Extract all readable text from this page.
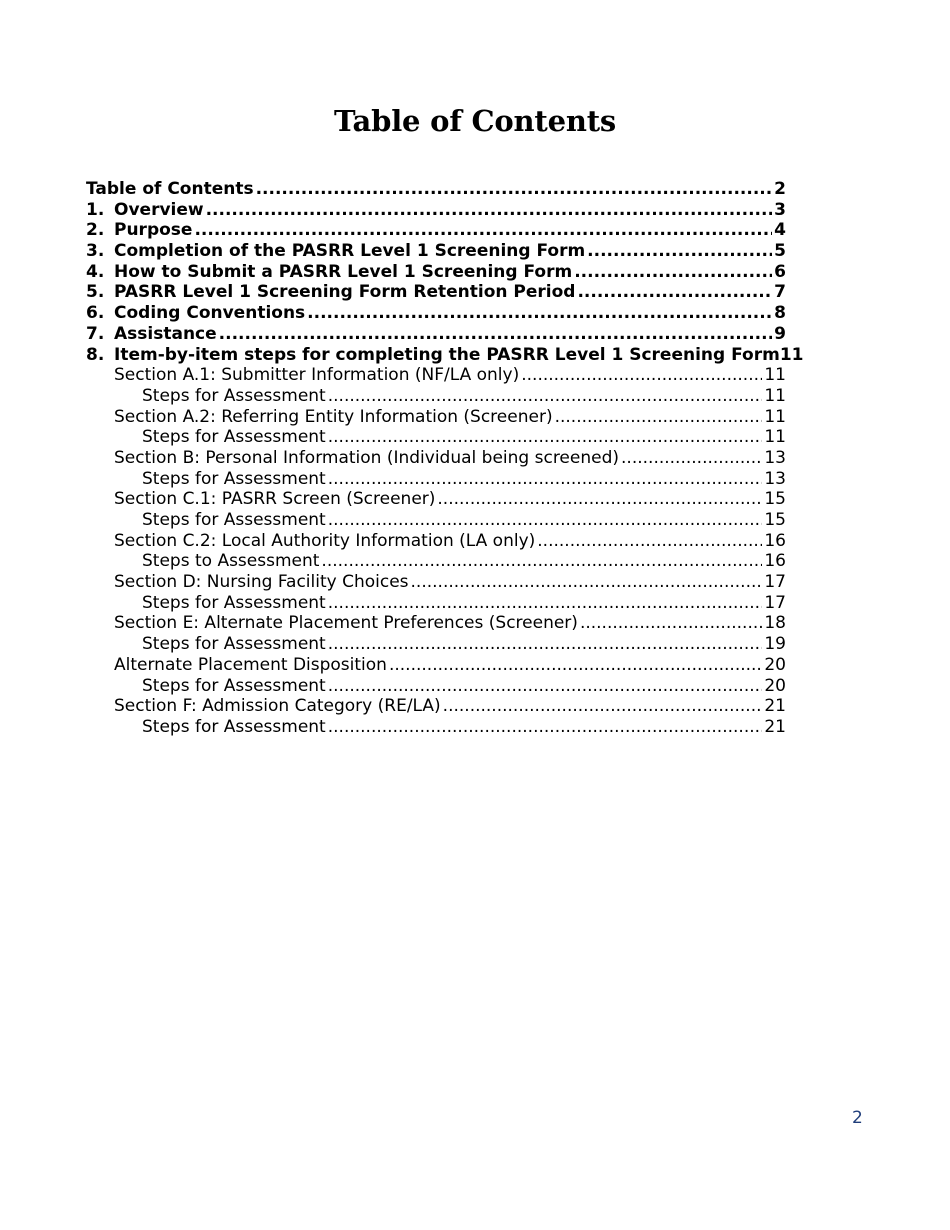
Table of Contents
Table of Contents .....	2
1. Overview .....	3
2. Purpose .....	4
3. Completion of the PASRR Level 1 Screening Form .....	5
4. How to Submit a PASRR Level 1 Screening Form .....	6
5. PASRR Level 1 Screening Form Retention Period .....	7
6. Coding Conventions .....	8
7. Assistance .....	9
8. Item-by-item steps for completing the PASRR Level 1 Screening Form 11
Section A.1: Submitter Information (NF/LA only) .....	11
Steps for Assessment .....	11
Section A.2: Referring Entity Information (Screener) .....	11
Steps for Assessment .....	11
Section B: Personal Information (Individual being screened) .....	13
Steps for Assessment .....	13
Section C.1: PASRR Screen (Screener) .....	15
Steps for Assessment .....	15
Section C.2: Local Authority Information (LA only) .....	16
Steps to Assessment .....	16
Section D: Nursing Facility Choices .....	17
Steps for Assessment .....	17
Section E: Alternate Placement Preferences (Screener) .....	18
Steps for Assessment .....	19
Alternate Placement Disposition .....	20
Steps for Assessment .....	20
Section F: Admission Category (RE/LA) .....	21
Steps for Assessment .....	21
2
